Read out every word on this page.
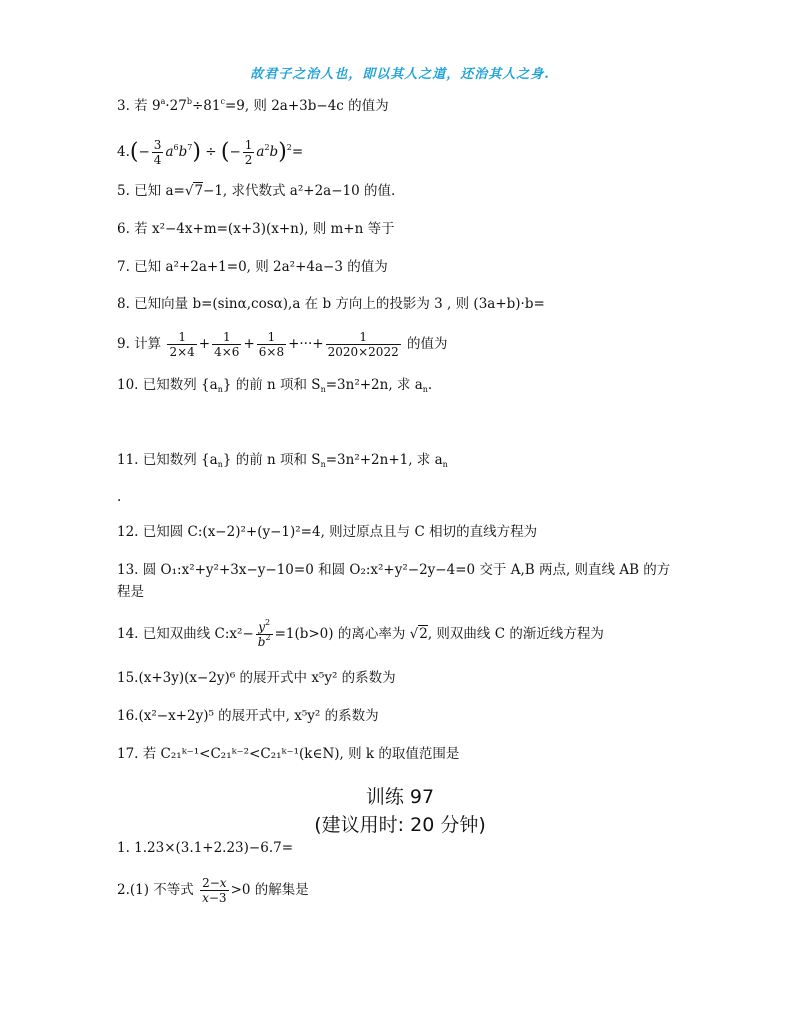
故君子之治人也，即以其人之道，还治其人之身.
3. 若 $9^a\cdot 27^b\div 81^c=9$, 则 2a+3b−4c 的值为
$4.(- \frac{3}{4} a^6b^7)$ ÷ (− $\frac{1}{2} a^2b)^2=$
5. 已知 a=√7−1, 求代数式 a²+2a−10 的值.
6. 若 x²−4x+m=(x+3)(x+n), 则 m+n 等于
7. 已知 a²+2a+1=0, 则 2a²+4a−3 的值为
8. 已知向量 b=(sinα,cosα),a 在 b 方向上的投影为 3 , 则 (3a+b)·b=
9. 计算 $\frac{1}{2\times 4} + \frac{1}{4\times 6} + \frac{1}{6\times 8}$ +···+ $\frac{1}{2020\times 2022}$ 的值为
10. 已知数列 $\{a_n\}$ 的前 n 项和 $S_n=3n^2+2n$, 求 $a_n$.
11. 已知数列 $\{a_n\}$ 的前 n 项和 $S_n=3n^2+2n+1$, 求 $a_n$
.
12. 已知圆 C:(x−2)²+(y−1)²=4, 则过原点且与 C 相切的直线方程为
13. 圆 O₁:x²+y²+3x−y−10=0 和圆 O₂:x²+y²−2y−4=0 交于 A,B 两点, 则直线 AB 的方
程是
14. 已知双曲线 C:x²− $\frac{y^2}{b^2} =1(b>0)$ 的离心率为 √2, 则双曲线 C 的渐近线方程为
15.(x+3y)(x−2y)⁶ 的展开式中 x⁵y² 的系数为
16.(x²−x+2y)⁵ 的展开式中, x⁵y² 的系数为
17. 若 C₂₁ᵏ⁻¹<C₂₁ᵏ⁻²<C₂₁ᵏ⁻¹(k∈N), 则 k 的取值范围是
训练 97
(建议用时: 20 分钟)
1. 1.23×(3.1+2.23)−6.7=
2.(1) 不等式 $\frac{2-x}{x-3} >0$ 的解集是
